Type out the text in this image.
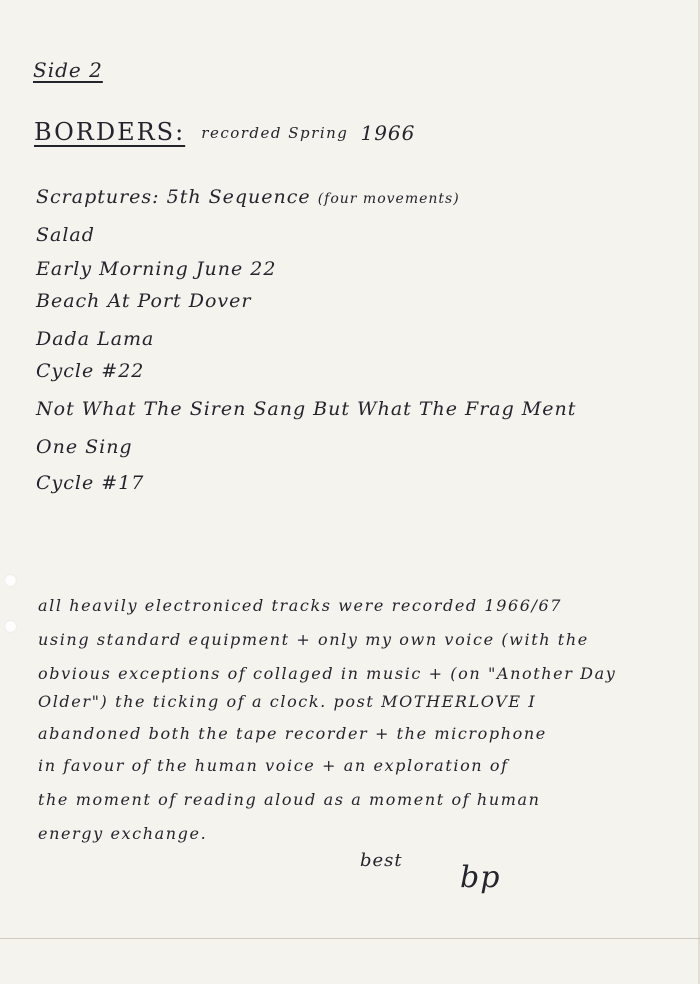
Side 2
BORDERS: recorded Spring 1966
Scraptures: 5th Sequence (four movements)
Salad
Early Morning June 22
Beach At Port Dover
Dada Lama
Cycle #22
Not What The Siren Sang But What The Frag Ment
One Sing
Cycle #17
all heavily electroniced tracks were recorded 1966/67
using standard equipment + only my own voice (with the
obvious exceptions of collaged in music + (on "Another Day
Older") the ticking of a clock. post MOTHERLOVE I
abandoned both the tape recorder + the microphone
in favour of the human voice + an exploration of
the moment of reading aloud as a moment of human
energy exchange.
best bp
